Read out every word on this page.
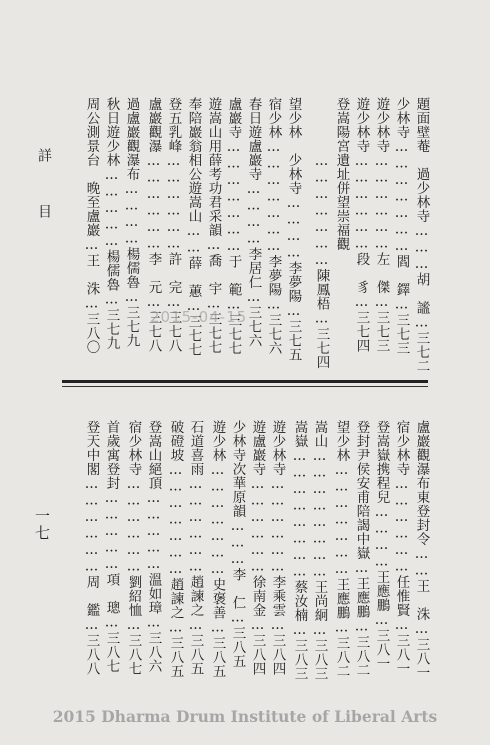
詳　目	題面壁菴　過少林寺………胡　謐…三七二
少林寺…………………閻　鐸…三七三
遊少林寺………………左　傑…三七三
遊少林寺………………段　豸…三七四
登嵩陽宮遺址併望崇福觀
　　　　…………………陳鳳梧…三七四
望少林　少林寺…………李夢陽…三七五
宿少林…………………李夢陽…三七六
春日遊盧巖寺…………李居仁…三七六
盧巖寺…………………于　範…三七七
遊嵩山用薛考功君采韻…喬　宇…三七七
奉陪巖翁相公遊嵩山……薛　蕙…三七七
登五乳峰………………許　完…三七八
盧巖觀瀑………………李　元…三七八
過盧巖觀瀑布…………楊儒魯…三七九
秋日遊少林……………楊儒魯…三七九
周公測景台　晚至盧巖…王　洙…三八〇
盧巖觀瀑布東登封令……王　洙…三八一
宿少林寺………………任惟賢…三八一
登嵩嶽携程兒…………王應鵬…三八一
登封尹侯安甫陪謁中嶽…王應鵬…三八二
望少林…………………王應鵬…三八二
嵩山……………………王尚絅…三八三
嵩嶽……………………蔡汝楠…三八三
遊少林寺………………李乘雲…三八四
遊盧巖寺………………徐南金…三八四
少林寺次華原韻………李　仁…三八五
遊少林…………………史褒善…三八五
石道喜雨………………趙諫之…三八五
破磴坡…………………趙諫之…三八五
登嵩山絕頂……………溫如璋…三八六
宿少林寺………………劉紹恤…三八七
首歲寓登封……………項　璁…三八七
登天中閣………………周　鑑…三八八
一七
2015-04-15
2015 Dharma Drum Institute of Liberal Arts
